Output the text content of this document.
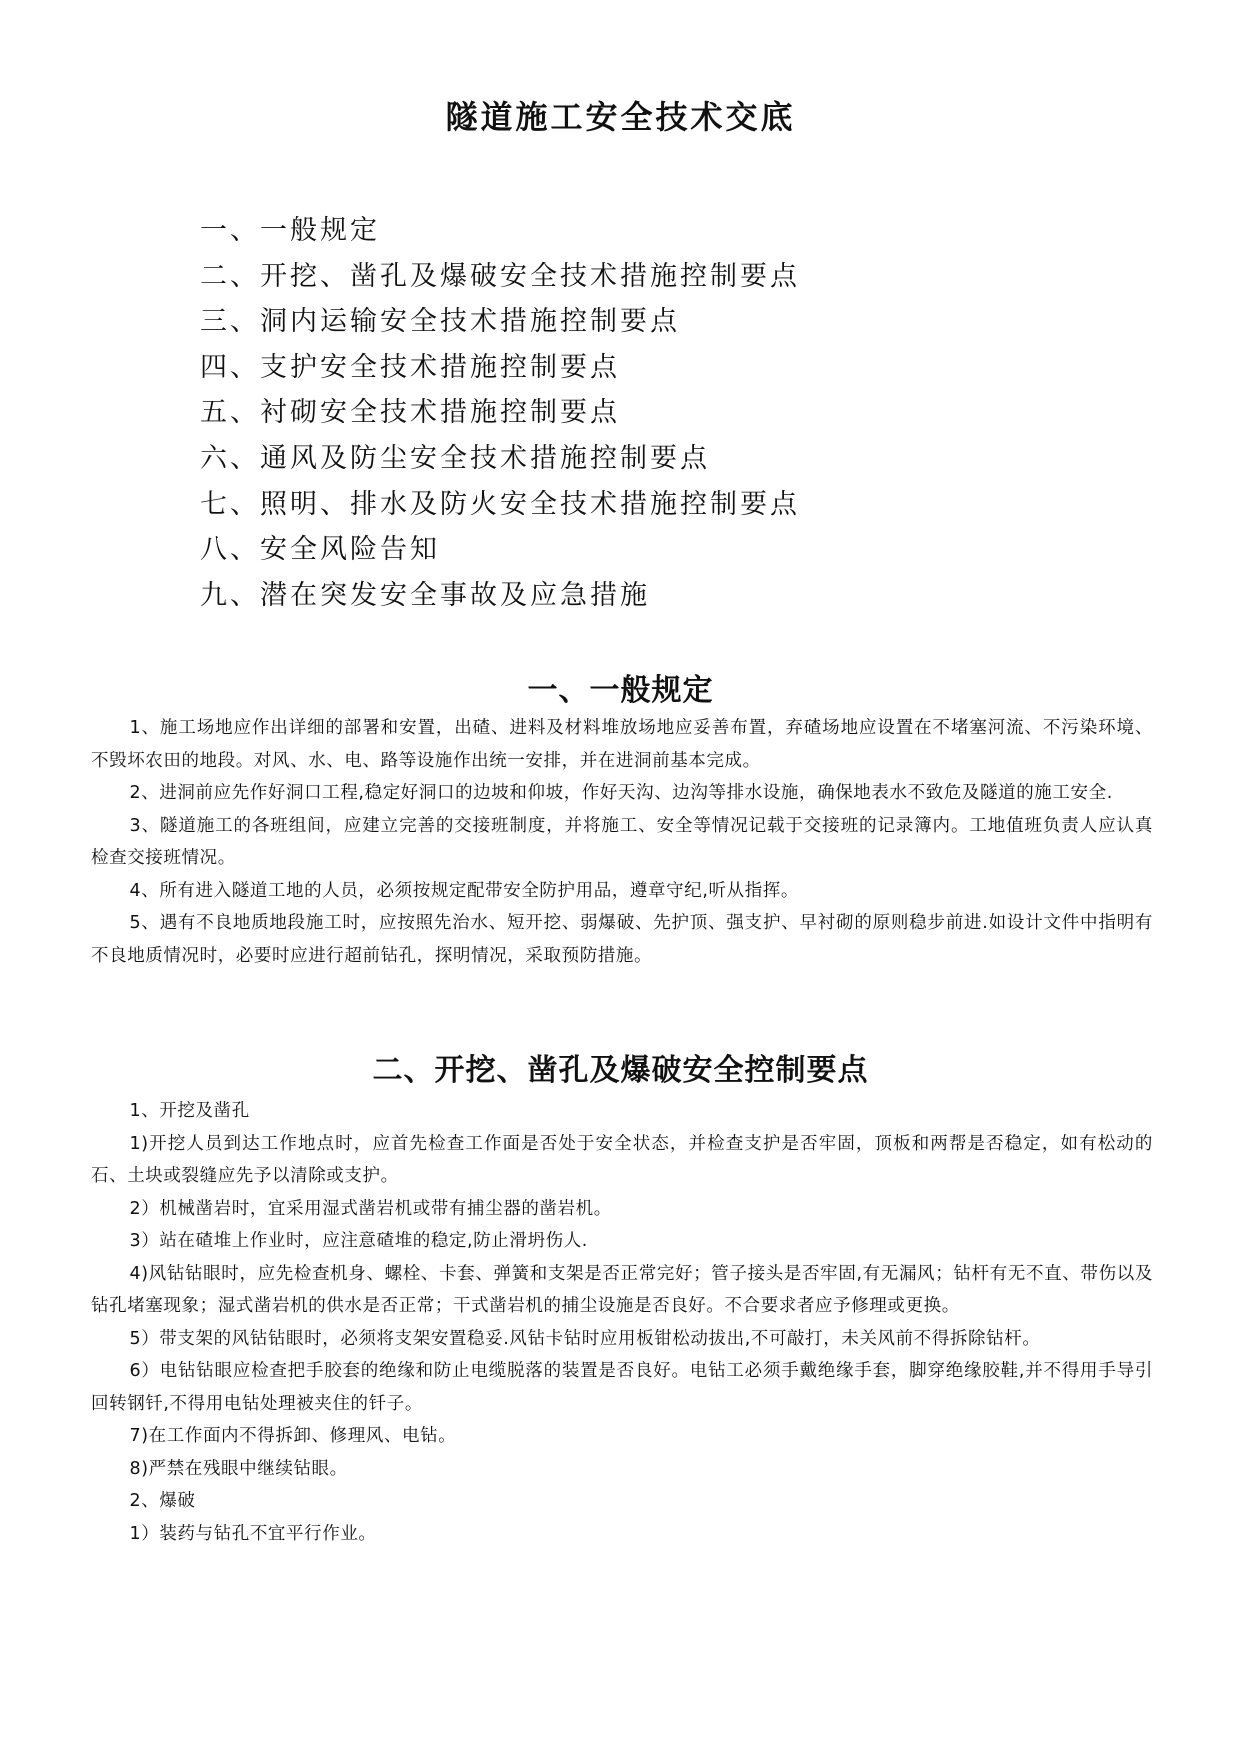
隧道施工安全技术交底
一、一般规定
二、开挖、凿孔及爆破安全技术措施控制要点
三、洞内运输安全技术措施控制要点
四、支护安全技术措施控制要点
五、衬砌安全技术措施控制要点
六、通风及防尘安全技术措施控制要点
七、照明、排水及防火安全技术措施控制要点
八、安全风险告知
九、潜在突发安全事故及应急措施
一、一般规定

1、施工场地应作出详细的部署和安置，出碴、进料及材料堆放场地应妥善布置，弃碴场地应设置在不堵塞河流、不污染环境、不毁坏农田的地段。对风、水、电、路等设施作出统一安排，并在进洞前基本完成。

2、进洞前应先作好洞口工程,稳定好洞口的边坡和仰坡，作好天沟、边沟等排水设施，确保地表水不致危及隧道的施工安全.

3、隧道施工的各班组间，应建立完善的交接班制度，并将施工、安全等情况记载于交接班的记录簿内。工地值班负责人应认真检查交接班情况。

4、所有进入隧道工地的人员，必须按规定配带安全防护用品，遵章守纪,听从指挥。

5、遇有不良地质地段施工时，应按照先治水、短开挖、弱爆破、先护顶、强支护、早衬砌的原则稳步前进.如设计文件中指明有不良地质情况时，必要时应进行超前钻孔，探明情况，采取预防措施。

二、开挖、凿孔及爆破安全控制要点

1、开挖及凿孔

1)开挖人员到达工作地点时，应首先检查工作面是否处于安全状态，并检查支护是否牢固，顶板和两帮是否稳定，如有松动的石、土块或裂缝应先予以清除或支护。

2）机械凿岩时，宜采用湿式凿岩机或带有捕尘器的凿岩机。

3）站在碴堆上作业时，应注意碴堆的稳定,防止滑坍伤人.

4)风钻钻眼时，应先检查机身、螺栓、卡套、弹簧和支架是否正常完好；管子接头是否牢固,有无漏风；钻杆有无不直、带伤以及钻孔堵塞现象；湿式凿岩机的供水是否正常；干式凿岩机的捕尘设施是否良好。不合要求者应予修理或更换。

5）带支架的风钻钻眼时，必须将支架安置稳妥.风钻卡钻时应用板钳松动拔出,不可敲打，未关风前不得拆除钻杆。

6）电钻钻眼应检查把手胶套的绝缘和防止电缆脱落的装置是否良好。电钻工必须手戴绝缘手套，脚穿绝缘胶鞋,并不得用手导引回转钢钎,不得用电钻处理被夹住的钎子。

7)在工作面内不得拆卸、修理风、电钻。

8)严禁在残眼中继续钻眼。

2、爆破

1）装药与钻孔不宜平行作业。
